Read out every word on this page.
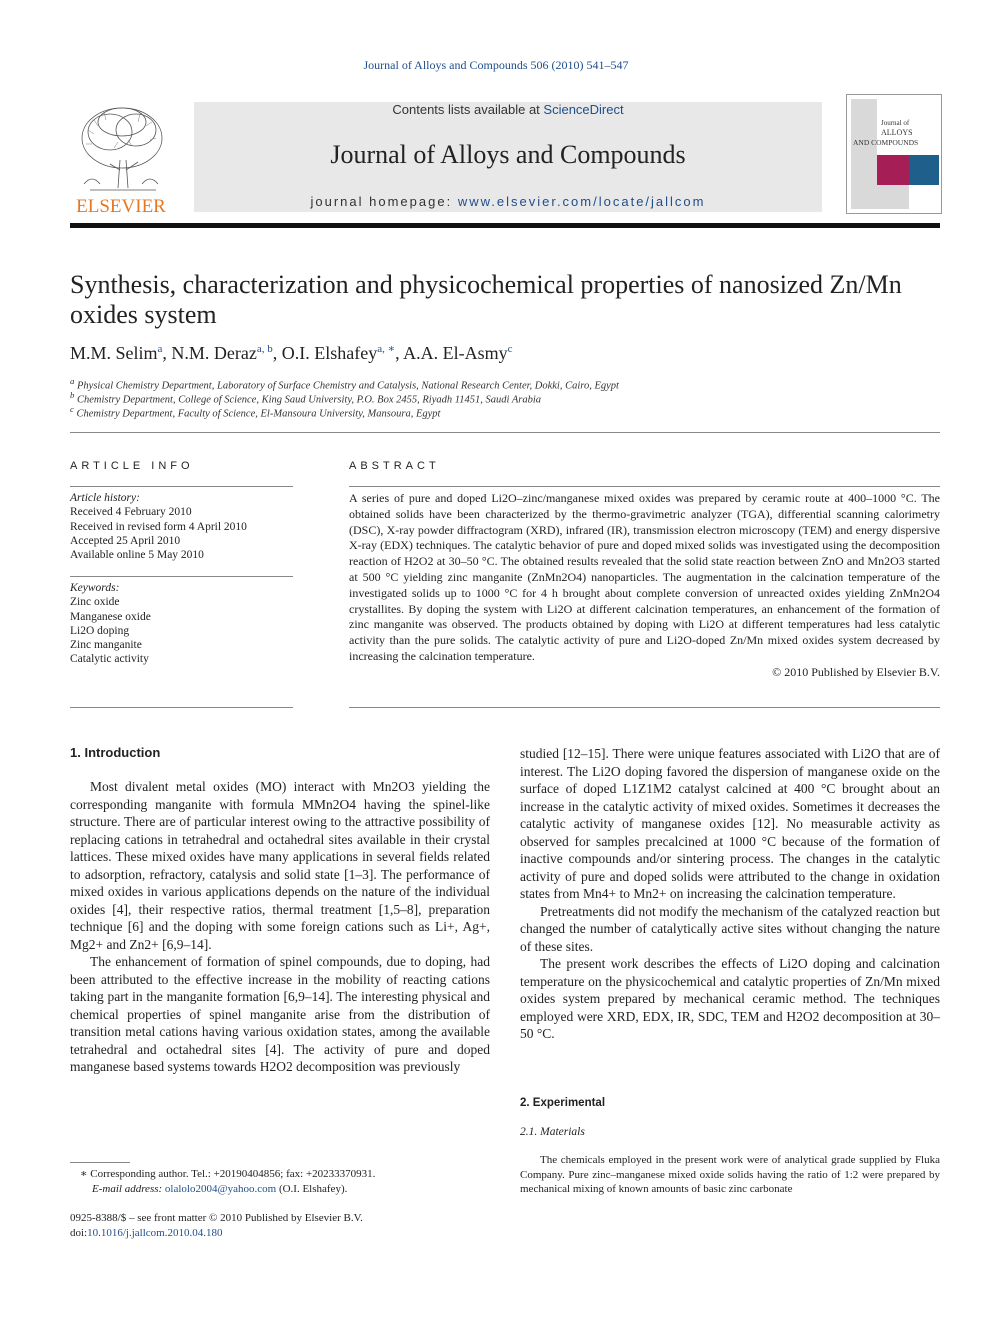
Journal of Alloys and Compounds 506 (2010) 541–547
ELSEVIER
Contents lists available at ScienceDirect
Journal of Alloys and Compounds
journal homepage: www.elsevier.com/locate/jallcom
Journal of
ALLOYS
AND COMPOUNDS
Synthesis, characterization and physicochemical properties of nanosized Zn/Mn oxides system
M.M. Selim$^a$, N.M. Deraz$^{a, b}$, O.I. Elshafey$^{a, ∗}$, A.A. El-Asmy$^c$
$^a$ Physical Chemistry Department, Laboratory of Surface Chemistry and Catalysis, National Research Center, Dokki, Cairo, Egypt
$^b$ Chemistry Department, College of Science, King Saud University, P.O. Box 2455, Riyadh 11451, Saudi Arabia
$^c$ Chemistry Department, Faculty of Science, El-Mansoura University, Mansoura, Egypt
ARTICLE INFO
Article history:
Received 4 February 2010
Received in revised form 4 April 2010
Accepted 25 April 2010
Available online 5 May 2010
Keywords:
Zinc oxide
Manganese oxide
Li2O doping
Zinc manganite
Catalytic activity
ABSTRACT

A series of pure and doped Li2O–zinc/manganese mixed oxides was prepared by ceramic route at 400–1000 °C. The obtained solids have been characterized by the thermo-gravimetric analyzer (TGA), differential scanning calorimetry (DSC), X-ray powder diffractogram (XRD), infrared (IR), transmission electron microscopy (TEM) and energy dispersive X-ray (EDX) techniques. The catalytic behavior of pure and doped mixed solids was investigated using the decomposition reaction of H2O2 at 30–50 °C. The obtained results revealed that the solid state reaction between ZnO and Mn2O3 started at 500 °C yielding zinc manganite (ZnMn2O4) nanoparticles. The augmentation in the calcination temperature of the investigated solids up to 1000 °C for 4 h brought about complete conversion of unreacted oxides yielding ZnMn2O4 crystallites. By doping the system with Li2O at different calcination temperatures, an enhancement of the formation of zinc manganite was observed. The products obtained by doping with Li2O at different temperatures had less catalytic activity than the pure solids. The catalytic activity of pure and Li2O-doped Zn/Mn mixed oxides system decreased by increasing the calcination temperature.

© 2010 Published by Elsevier B.V.
1. Introduction

Most divalent metal oxides (MO) interact with Mn2O3 yielding the corresponding manganite with formula MMn2O4 having the spinel-like structure. There are of particular interest owing to the attractive possibility of replacing cations in tetrahedral and octahedral sites available in their crystal lattices. These mixed oxides have many applications in several fields related to adsorption, refractory, catalysis and solid state [1–3]. The performance of mixed oxides in various applications depends on the nature of the individual oxides [4], their respective ratios, thermal treatment [1,5–8], preparation technique [6] and the doping with some foreign cations such as Li+, Ag+, Mg2+ and Zn2+ [6,9–14].

The enhancement of formation of spinel compounds, due to doping, had been attributed to the effective increase in the mobility of reacting cations taking part in the manganite formation [6,9–14]. The interesting physical and chemical properties of spinel manganite arise from the distribution of transition metal cations having various oxidation states, among the available tetrahedral and octahedral sites [4]. The activity of pure and doped manganese based systems towards H2O2 decomposition was previously

studied [12–15]. There were unique features associated with Li2O that are of interest. The Li2O doping favored the dispersion of manganese oxide on the surface of doped L1Z1M2 catalyst calcined at 400 °C brought about an increase in the catalytic activity of mixed oxides. Sometimes it decreases the catalytic activity of manganese oxides [12]. No measurable activity as observed for samples precalcined at 1000 °C because of the formation of inactive compounds and/or sintering process. The changes in the catalytic activity of pure and doped solids were attributed to the change in oxidation states from Mn4+ to Mn2+ on increasing the calcination temperature.

Pretreatments did not modify the mechanism of the catalyzed reaction but changed the number of catalytically active sites without changing the nature of these sites.

The present work describes the effects of Li2O doping and calcination temperature on the physicochemical and catalytic properties of Zn/Mn mixed oxides system prepared by mechanical ceramic method. The techniques employed were XRD, EDX, IR, SDC, TEM and H2O2 decomposition at 30–50 °C.

2. Experimental
2.1. Materials
The chemicals employed in the present work were of analytical grade supplied by Fluka Company. Pure zinc–manganese mixed oxide solids having the ratio of 1:2 were prepared by mechanical mixing of known amounts of basic zinc carbonate
∗ Corresponding author. Tel.: +20190404856; fax: +20233370931.
E-mail address: olalolo2004@yahoo.com (O.I. Elshafey).
0925-8388/$ – see front matter © 2010 Published by Elsevier B.V.
doi:10.1016/j.jallcom.2010.04.180
